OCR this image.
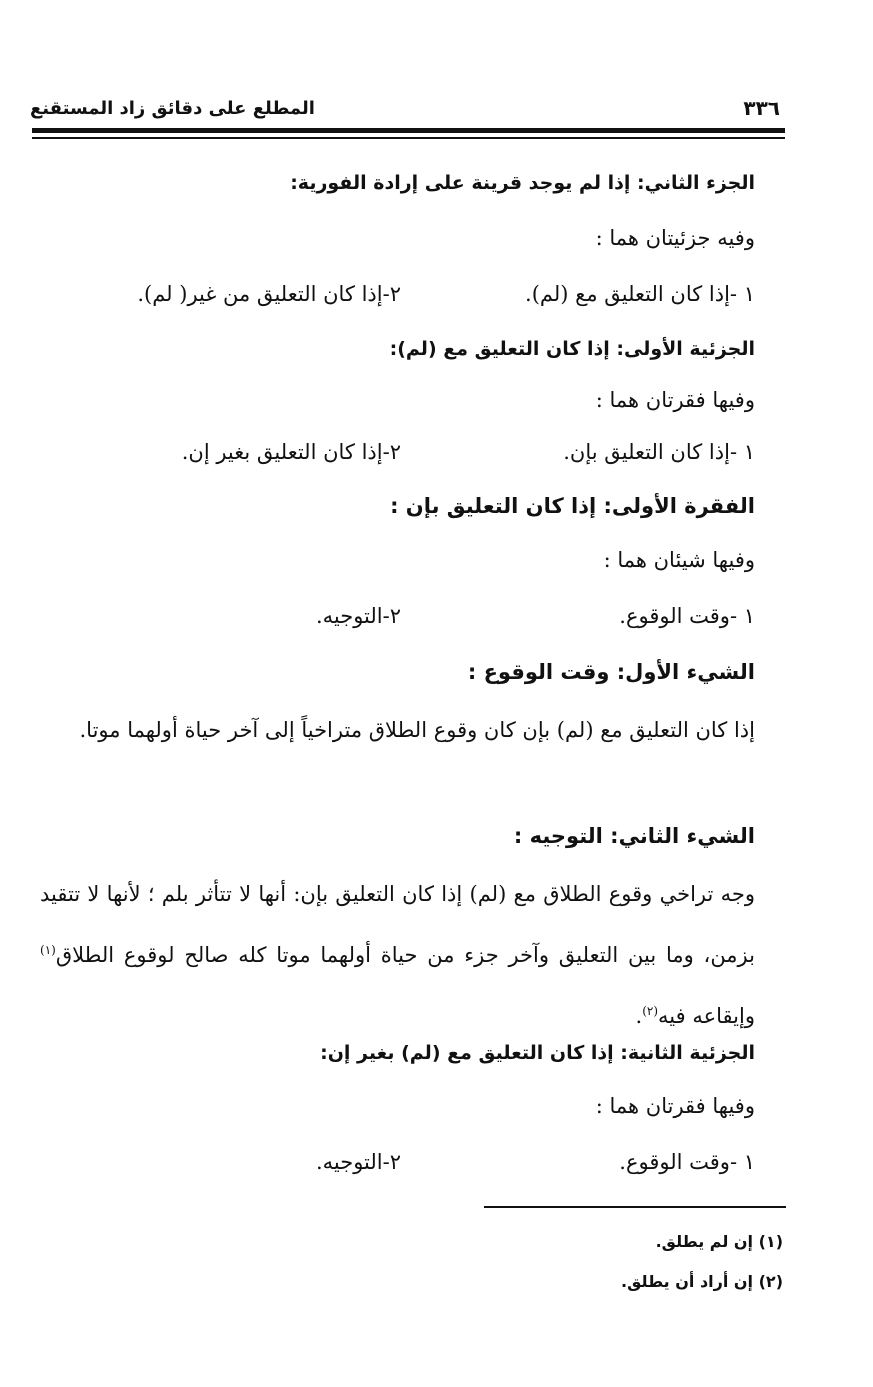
المطلع على دقائق زاد المستقنع	٣٣٦
الجزء الثاني: إذا لم يوجد قرينة على إرادة الفورية:
وفيه جزئيتان هما :
١ -إذا كان التعليق مع (لم).
٢-إذا كان التعليق من غير( لم).
الجزئية الأولى: إذا كان التعليق مع (لم):
وفيها فقرتان هما :
١ -إذا كان التعليق بإن.
٢-إذا كان التعليق بغير إن.
الفقرة الأولى: إذا كان التعليق بإن :
وفيها شيئان هما :
١ -وقت الوقوع.
٢-التوجيه.
الشيء الأول: وقت الوقوع :
إذا كان التعليق مع (لم) بإن كان وقوع الطلاق متراخياً إلى آخر حياة أولهما موتا.
الشيء الثاني: التوجيه :
وجه تراخي وقوع الطلاق مع (لم) إذا كان التعليق بإن: أنها لا تتأثر بلم ؛ لأنها لا تتقيد بزمن، وما بين التعليق وآخر جزء من حياة أولهما موتا كله صالح لوقوع الطلاق$^{(١)}$ وإيقاعه فيه$^{(٢)}$.
الجزئية الثانية: إذا كان التعليق مع (لم) بغير إن:
وفيها فقرتان هما :
١ -وقت الوقوع.
٢-التوجيه.
(١) إن لم يطلق.
(٢) إن أراد أن يطلق.
